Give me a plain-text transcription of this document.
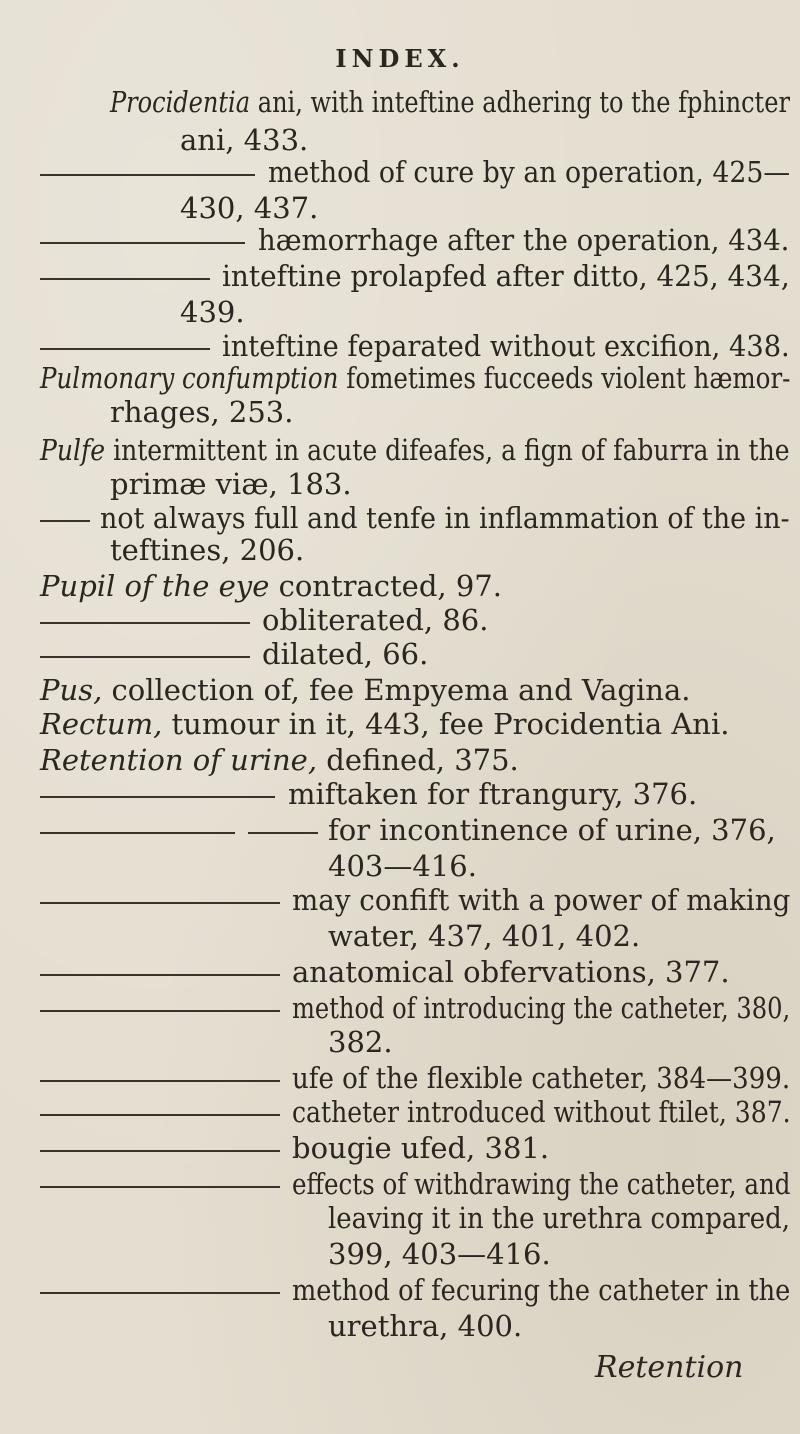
INDEX.
Procidentia ani, with inteftine adhering to the fphincter
ani, 433.
method of cure by an operation, 425—
430, 437.
hæmorrhage after the operation, 434.
inteftine prolapfed after ditto, 425, 434,
439.
inteftine feparated without excifion, 438.
Pulmonary confumption fometimes fucceeds violent hæmor-
rhages, 253.
Pulfe intermittent in acute difeafes, a fign of faburra in the
primæ viæ, 183.
not always full and tenfe in inflammation of the in-
teftines, 206.
Pupil of the eye contracted, 97.
obliterated, 86.
dilated, 66.
Pus, collection of, fee Empyema and Vagina.
Rectum, tumour in it, 443, fee Procidentia Ani.
Retention of urine, defined, 375.
miftaken for ftrangury, 376.
for incontinence of urine, 376,
403—416.
may confift with a power of making
water, 437, 401, 402.
anatomical obfervations, 377.
method of introducing the catheter, 380,
382.
ufe of the flexible catheter, 384—399.
catheter introduced without ftilet, 387.
bougie ufed, 381.
effects of withdrawing the catheter, and
leaving it in the urethra compared,
399, 403—416.
method of fecuring the catheter in the
urethra, 400.
Retention
